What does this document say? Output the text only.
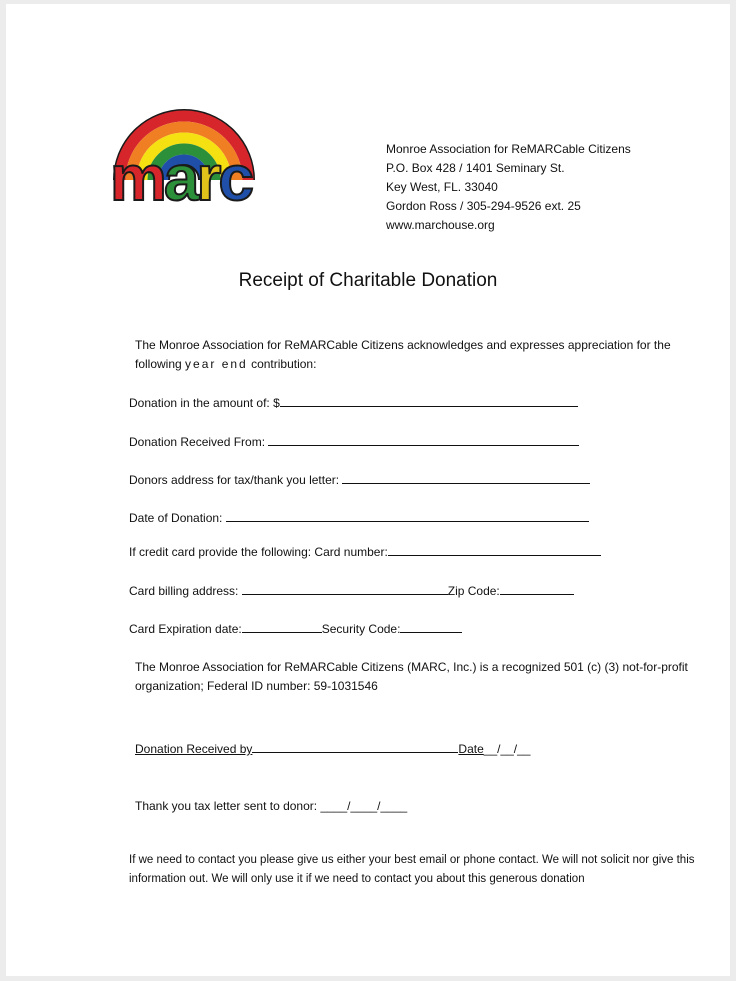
marc	Monroe Association for ReMARCable Citizens
P.O. Box 428 / 1401 Seminary St.
Key West, FL. 33040
Gordon Ross / 305-294-9526 ext. 25
www.marchouse.org
Receipt of Charitable Donation
The Monroe Association for ReMARCable Citizens acknowledges and expresses appreciation for the
following year end contribution:
Donation in the amount of: $
Donation Received From:
Donors address for tax/thank you letter:
Date of Donation:
If credit card provide the following: Card number:
Card billing address:	Zip Code:
Card Expiration date:	Security Code:
The Monroe Association for ReMARCable Citizens (MARC, Inc.) is a recognized 501 (c) (3) not-for-profit
organization; Federal ID number: 59-1031546
Donation Received by	Date__/__/__
Thank you tax letter sent to donor: ____/____/____
If we need to contact you please give us either your best email or phone contact. We will not solicit nor give this
information out. We will only use it if we need to contact you about this generous donation
